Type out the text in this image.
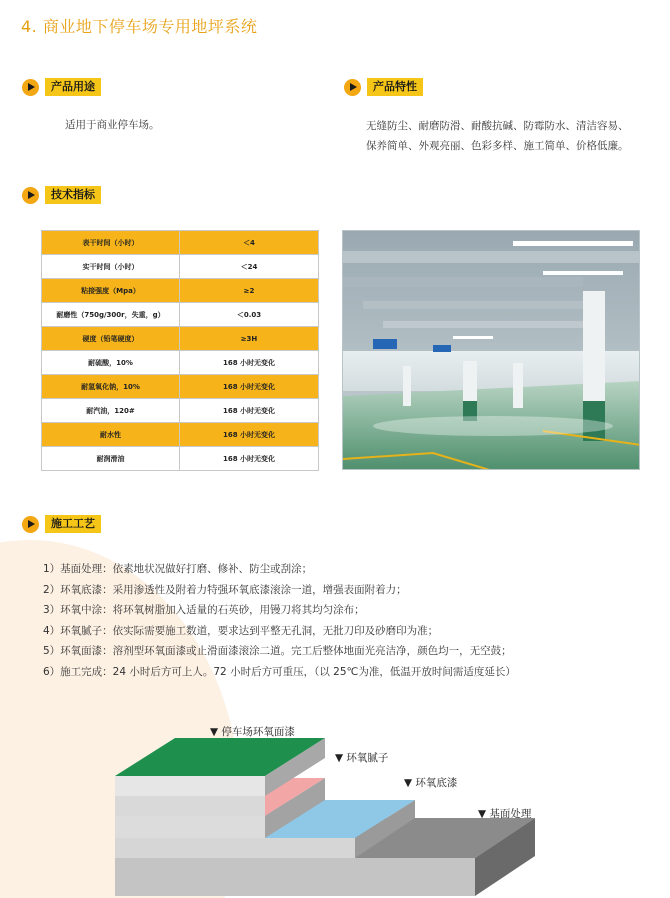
4. 商业地下停车场专用地坪系统
产品用途
适用于商业停车场。
产品特性
无缝防尘、耐磨防滑、耐酸抗碱、防霉防水、清洁容易、
保养简单、外观亮丽、色彩多样、施工简单、价格低廉。
技术指标
表干时间（小时）	＜4
实干时间（小时）	＜24
粘接强度（Mpa）	≥2
耐磨性（750g/300r，失重，g）	＜0.03
硬度（铅笔硬度）	≥3H
耐硫酸，10%	168 小时无变化
耐氢氧化钠，10%	168 小时无变化
耐汽油，120#	168 小时无变化
耐水性	168 小时无变化
耐润滑油	168 小时无变化
施工工艺
1）基面处理：依素地状况做好打磨、修补、防尘或刮涂；
2）环氧底漆：采用渗透性及附着力特强环氧底漆滚涂一道，增强表面附着力；
3）环氧中涂：将环氧树脂加入适量的石英砂，用镘刀将其均匀涂布；
4）环氧腻子：依实际需要施工数道，要求达到平整无孔洞，无批刀印及砂磨印为准；
5）环氧面漆：溶剂型环氧面漆或止滑面漆滚涂二道。完工后整体地面光亮洁净，颜色均一，无空鼓；
6）施工完成：24 小时后方可上人。72 小时后方可重压，（以 25℃为准，低温开放时间需适度延长）
▼ 停车场环氧面漆
▼ 环氧腻子
▼ 环氧底漆
▼ 基面处理
